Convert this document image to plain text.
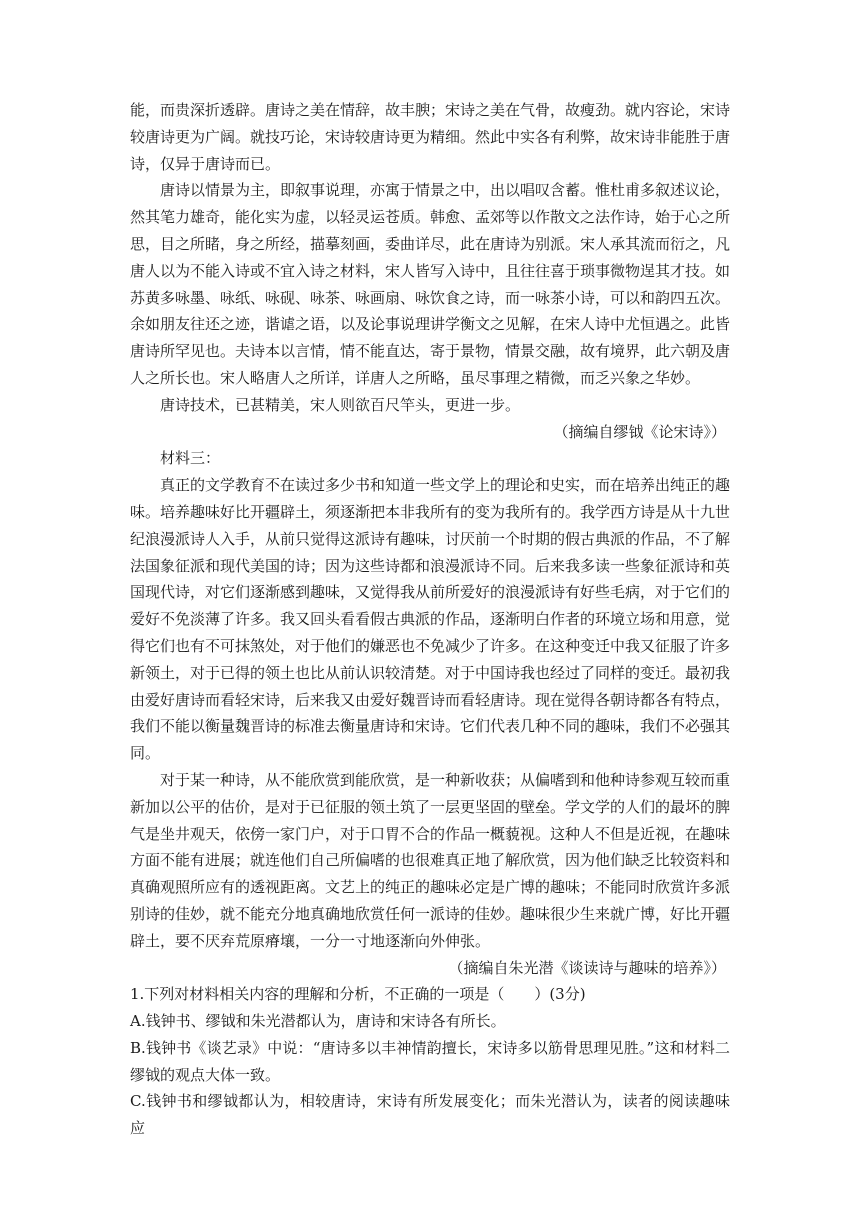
能，而贵深折透辟。唐诗之美在情辞，故丰腴；宋诗之美在气骨，故瘦劲。就内容论，宋诗较唐诗更为广阔。就技巧论，宋诗较唐诗更为精细。然此中实各有利弊，故宋诗非能胜于唐诗，仅异于唐诗而已。

唐诗以情景为主，即叙事说理，亦寓于情景之中，出以唱叹含蓄。惟杜甫多叙述议论，然其笔力雄奇，能化实为虚，以轻灵运苍质。韩愈、孟郊等以作散文之法作诗，始于心之所思，目之所睹，身之所经，描摹刻画，委曲详尽，此在唐诗为别派。宋人承其流而衍之，凡唐人以为不能入诗或不宜入诗之材料，宋人皆写入诗中，且往往喜于琐事微物逞其才技。如苏黄多咏墨、咏纸、咏砚、咏茶、咏画扇、咏饮食之诗，而一咏茶小诗，可以和韵四五次。余如朋友往还之迹，谐谑之语，以及论事说理讲学衡文之见解，在宋人诗中尤恒遇之。此皆唐诗所罕见也。夫诗本以言情，情不能直达，寄于景物，情景交融，故有境界，此六朝及唐人之所长也。宋人略唐人之所详，详唐人之所略，虽尽事理之精微，而乏兴象之华妙。

唐诗技术，已甚精美，宋人则欲百尺竿头，更进一步。

（摘编自缪钺《论宋诗》）

材料三：

真正的文学教育不在读过多少书和知道一些文学上的理论和史实，而在培养出纯正的趣味。培养趣味好比开疆辟土，须逐渐把本非我所有的变为我所有的。我学西方诗是从十九世纪浪漫派诗人入手，从前只觉得这派诗有趣味，讨厌前一个时期的假古典派的作品，不了解法国象征派和现代美国的诗；因为这些诗都和浪漫派诗不同。后来我多读一些象征派诗和英国现代诗，对它们逐渐感到趣味，又觉得我从前所爱好的浪漫派诗有好些毛病，对于它们的爱好不免淡薄了许多。我又回头看看假古典派的作品，逐渐明白作者的环境立场和用意，觉得它们也有不可抹煞处，对于他们的嫌恶也不免减少了许多。在这种变迁中我又征服了许多新领土，对于已得的领土也比从前认识较清楚。对于中国诗我也经过了同样的变迁。最初我由爱好唐诗而看轻宋诗，后来我又由爱好魏晋诗而看轻唐诗。现在觉得各朝诗都各有特点，我们不能以衡量魏晋诗的标准去衡量唐诗和宋诗。它们代表几种不同的趣味，我们不必强其同。

对于某一种诗，从不能欣赏到能欣赏，是一种新收获；从偏嗜到和他种诗参观互较而重新加以公平的估价，是对于已征服的领土筑了一层更坚固的壁垒。学文学的人们的最坏的脾气是坐井观天，依傍一家门户，对于口胃不合的作品一概藐视。这种人不但是近视，在趣味方面不能有进展；就连他们自己所偏嗜的也很难真正地了解欣赏，因为他们缺乏比较资料和真确观照所应有的透视距离。文艺上的纯正的趣味必定是广博的趣味；不能同时欣赏许多派别诗的佳妙，就不能充分地真确地欣赏任何一派诗的佳妙。趣味很少生来就广博，好比开疆辟土，要不厌弃荒原瘠壤，一分一寸地逐渐向外伸张。

（摘编自朱光潜《谈读诗与趣味的培养》）

1.下列对材料相关内容的理解和分析，不正确的一项是（　　）(3分)

A.钱钟书、缪钺和朱光潜都认为，唐诗和宋诗各有所长。

B.钱钟书《谈艺录》中说：“唐诗多以丰神情韵擅长，宋诗多以筋骨思理见胜。”这和材料二缪钺的观点大体一致。

C.钱钟书和缪钺都认为，相较唐诗，宋诗有所发展变化；而朱光潜认为，读者的阅读趣味应
